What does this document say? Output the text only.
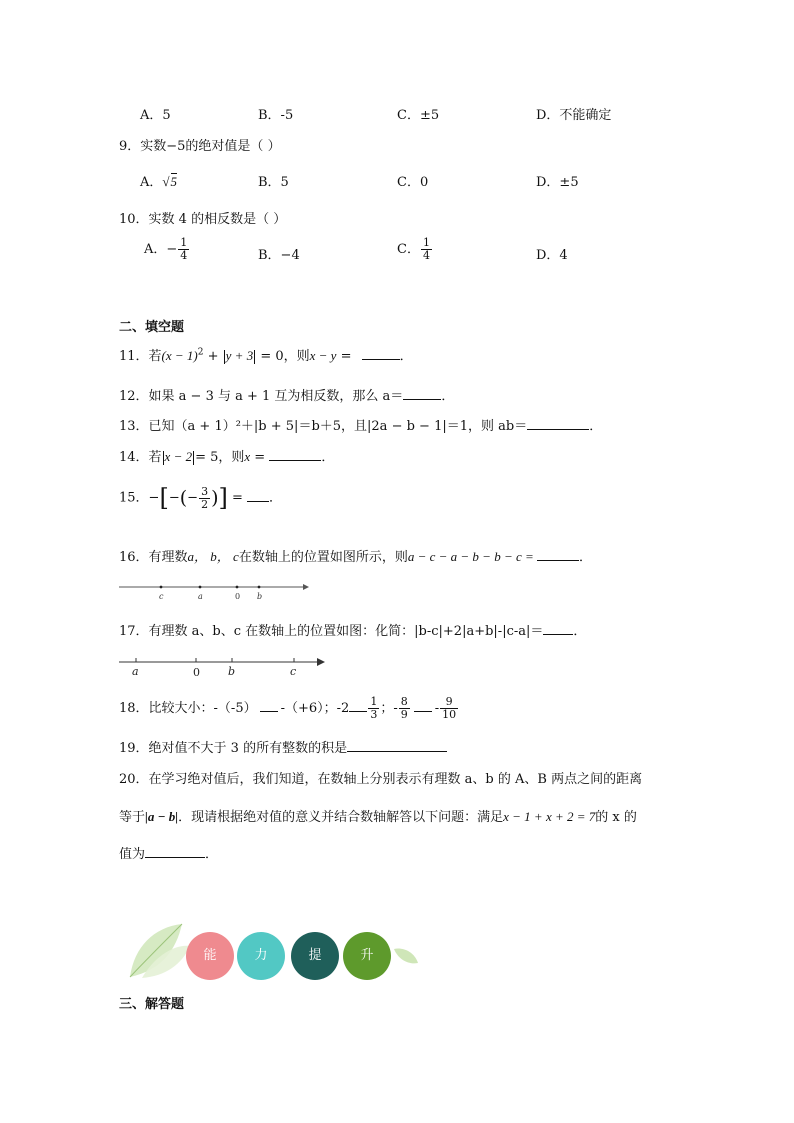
A．5	B．-5	C．±5	D．不能确定
9．实数−5的绝对值是（ ）
A．√5	B．5	C．0	D．±5
10．实数 4 的相反数是（ ）
A．− $\frac{1}{4}$	B．−4	C． $\frac{1}{4}$	D．4
二、填空题
11．若$(x - 1)^2 + y + 3 = 0$，则x − y =	．
12．如果 a − 3 与 a + 1 互为相反数，那么 a＝	．
13．已知（a + 1）²＋|b + 5|＝b＋5，且|2a − b − 1|＝1，则 ab＝	．
14．若 x − 2 = 5，则x =	．
15．−[−(− $\frac{3}{2}$ )] = ．
16．有理数a， b， c在数轴上的位置如图所示，则a − c − a − b − b − c =	．
c	a	0 b
17．有理数 a、b、c 在数轴上的位置如图：化简：|b-c|+2|a+b|-|c-a|＝ ．
a	0	b	c
18．比较大小：-（-5） -（+6）；$-2 \frac{1}{3}$ ；- $\frac{8}{9} - \frac{9}{10}$
19．绝对值不大于 3 的所有整数的积是
20．在学习绝对值后，我们知道，在数轴上分别表示有理数 a、b 的 A、B 两点之间的距离
等于|a − b|．现请根据绝对值的意义并结合数轴解答以下问题：满足x − 1 + x + 2 = 7的 x 的
值为	．
能	力	提	升
三、解答题
